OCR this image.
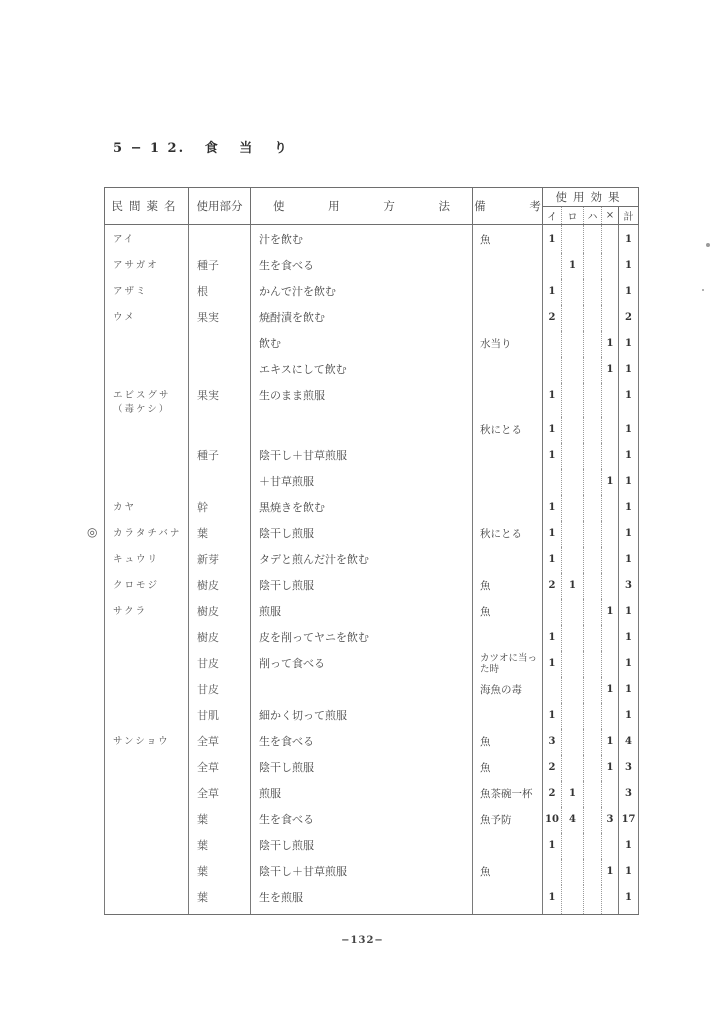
5 − 1 2.   食   当   り
民間薬名	使用部分	使 用 方 法	備 考	使用効果				
				イ	ロ	ハ	×	計
アイ		汁を飲む	魚	1				1
アサガオ	種子	生を食べる			1			1
アザミ	根	かんで汁を飲む		1				1
ウメ	果実	焼酎漬を飲む		2				2
		飲む	水当り				1	1
		エキスにして飲む					1	1
エビスグサ（毒ケシ）	果実	生のまま煎服		1				1
			秋にとる	1				1
	種子	陰干し＋甘草煎服		1				1
		＋甘草煎服					1	1
カヤ	幹	黒焼きを飲む		1				1
カラタチバナ	葉	陰干し煎服	秋にとる	1				1
キュウリ	新芽	タデと煎んだ汁を飲む		1				1
クロモジ	樹皮	陰干し煎服	魚	2	1			3
サクラ	樹皮	煎服	魚				1	1
	樹皮	皮を削ってヤニを飲む		1				1
	甘皮	削って食べる	カツオに当った時	1				1
	甘皮		海魚の毒				1	1
	甘肌	細かく切って煎服		1				1
サンショウ	全草	生を食べる	魚	3			1	4
	全草	陰干し煎服	魚	2			1	3
	全草	煎服	魚茶碗一杯	2	1			3
	葉	生を食べる	魚予防	10	4		3	17
	葉	陰干し煎服		1				1
	葉	陰干し＋甘草煎服	魚				1	1
	葉	生を煎服		1				1
−132−
◎
